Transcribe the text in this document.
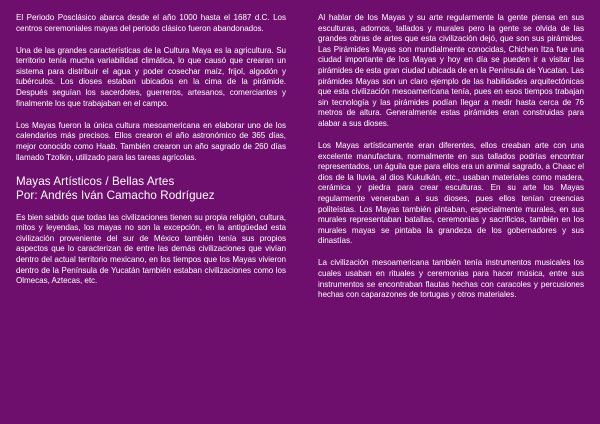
El Periodo Posclásico abarca desde el año 1000 hasta el 1687 d.C. Los centros ceremoniales mayas del periodo clásico fueron abandonados.

Una de las grandes características de la Cultura Maya es la agricultura. Su territorio tenía mucha variabilidad climática, lo que causó que crearan un sistema para distribuir el agua y poder cosechar maíz, frijol, algodón y tubérculos. Los dioses estaban ubicados en la cima de la pirámide. Después seguían los sacerdotes, guerreros, artesanos, comerciantes y finalmente los que trabajaban en el campo.

Los Mayas fueron la única cultura mesoamericana en elaborar uno de los calendarios más precisos. Ellos crearon el año astronómico de 365 días, mejor conocido como Haab. También crearon un año sagrado de 260 días llamado Tzolkin, utilizado para las tareas agrícolas.

Mayas Artísticos / Bellas Artes
Por: Andrés Iván Camacho Rodríguez

Es bien sabido que todas las civilizaciones tienen su propia religión, cultura, mitos y leyendas, los mayas no son la excepción, en la antigüedad esta civilización proveniente del sur de México también tenía sus propios aspectos que lo caracterizan de entre las demás civilizaciones que vivían dentro del actual territorio mexicano, en los tiempos que los Mayas vivieron dentro de la Península de Yucatán también estaban civilizaciones como los Olmecas, Aztecas, etc.

Al hablar de los Mayas y su arte regularmente la gente piensa en sus esculturas, adornos, tallados y murales pero la gente se olvida de las grandes obras de artes que esta civilización dejó, que son sus pirámides. Las Pirámides Mayas son mundialmente conocidas, Chichen Itza fue una ciudad importante de los Mayas y hoy en día se pueden ir a visitar las pirámides de esta gran ciudad ubicada de en la Península de Yucatan. Las pirámides Mayas son un claro ejemplo de las habilidades arquitectónicas que esta civilización mesoamericana tenía, pues en esos tiempos trabajan sin tecnología y las pirámides podían llegar a medir hasta cerca de 76 metros de altura. Generalmente estas pirámides eran construidas para alabar a sus dioses.

Los Mayas artísticamente eran diferentes, ellos creaban arte con una excelente manufactura, normalmente en sus tallados podrías encontrar representados, un águila que para ellos era un animal sagrado, a Chaac el dios de la lluvia, al dios Kukulkán, etc., usaban materiales como madera, cerámica y piedra para crear esculturas. En su arte los Mayas regularmente veneraban a sus dioses, pues ellos tenían creencias politeístas. Los Mayas también pintaban, especialmente murales, en sus murales representaban batallas, ceremonias y sacrificios, también en los murales mayas se pintaba la grandeza de los gobernadores y sus dinastías.

La civilización mesoamericana también tenía instrumentos musicales los cuales usaban en rituales y ceremonias para hacer música, entre sus instrumentos se encontraban flautas hechas con caracoles y percusiones hechas con caparazones de tortugas y otros materiales.
